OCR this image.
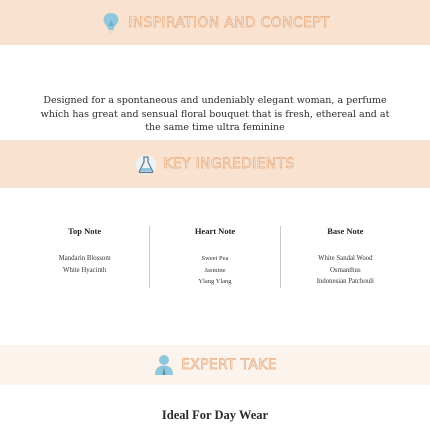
INSPIRATION AND CONCEPT
Designed for a spontaneous and undeniably elegant woman, a perfume which has great and sensual floral bouquet that is fresh, ethereal and at the same time ultra feminine
KEY INGREDIENTS
Top Note
Mandarin Blossom
White Hyacinth
Heart Note
Sweet Pea
Jasmine
Ylang Ylang
Base Note
White Sandal Wood
Osmanthus
Indonesian Patchouli
EXPERT TAKE
Ideal For Day Wear
